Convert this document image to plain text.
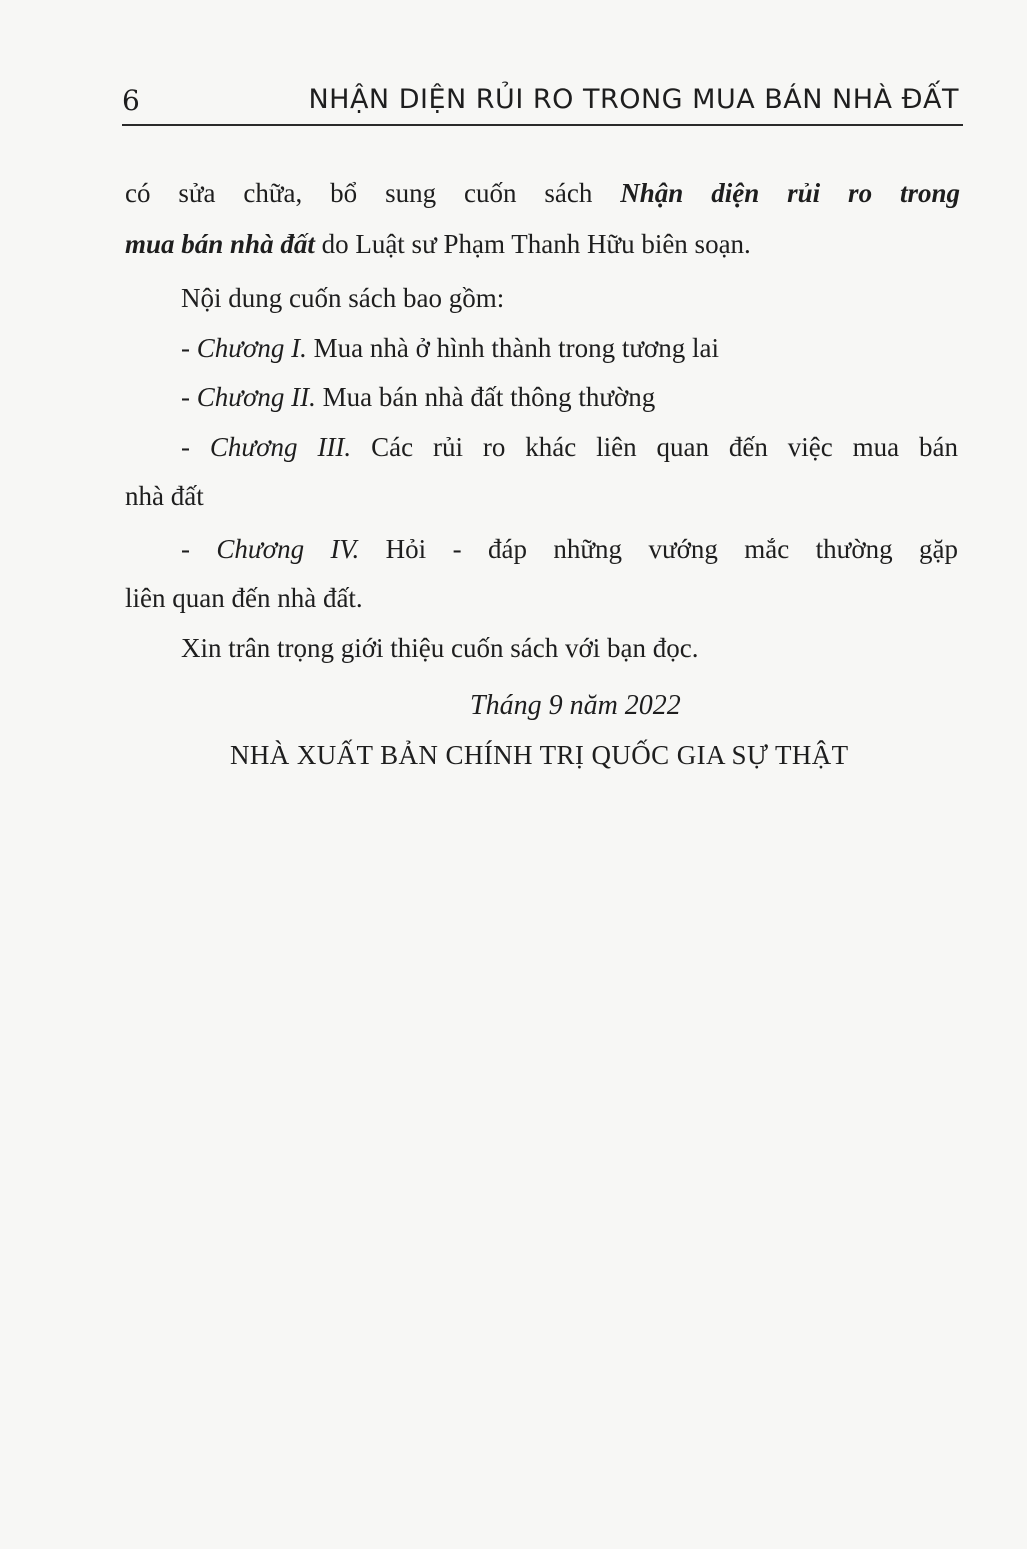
6	NHẬN DIỆN RỦI RO TRONG MUA BÁN NHÀ ĐẤT
có sửa chữa, bổ sung cuốn sách Nhận diện rủi ro trong
mua bán nhà đất do Luật sư Phạm Thanh Hữu biên soạn.
Nội dung cuốn sách bao gồm:
- Chương I. Mua nhà ở hình thành trong tương lai
- Chương II. Mua bán nhà đất thông thường
- Chương III. Các rủi ro khác liên quan đến việc mua bán
nhà đất
- Chương IV. Hỏi - đáp những vướng mắc thường gặp
liên quan đến nhà đất.
Xin trân trọng giới thiệu cuốn sách với bạn đọc.
Tháng 9 năm 2022
NHÀ XUẤT BẢN CHÍNH TRỊ QUỐC GIA SỰ THẬT
